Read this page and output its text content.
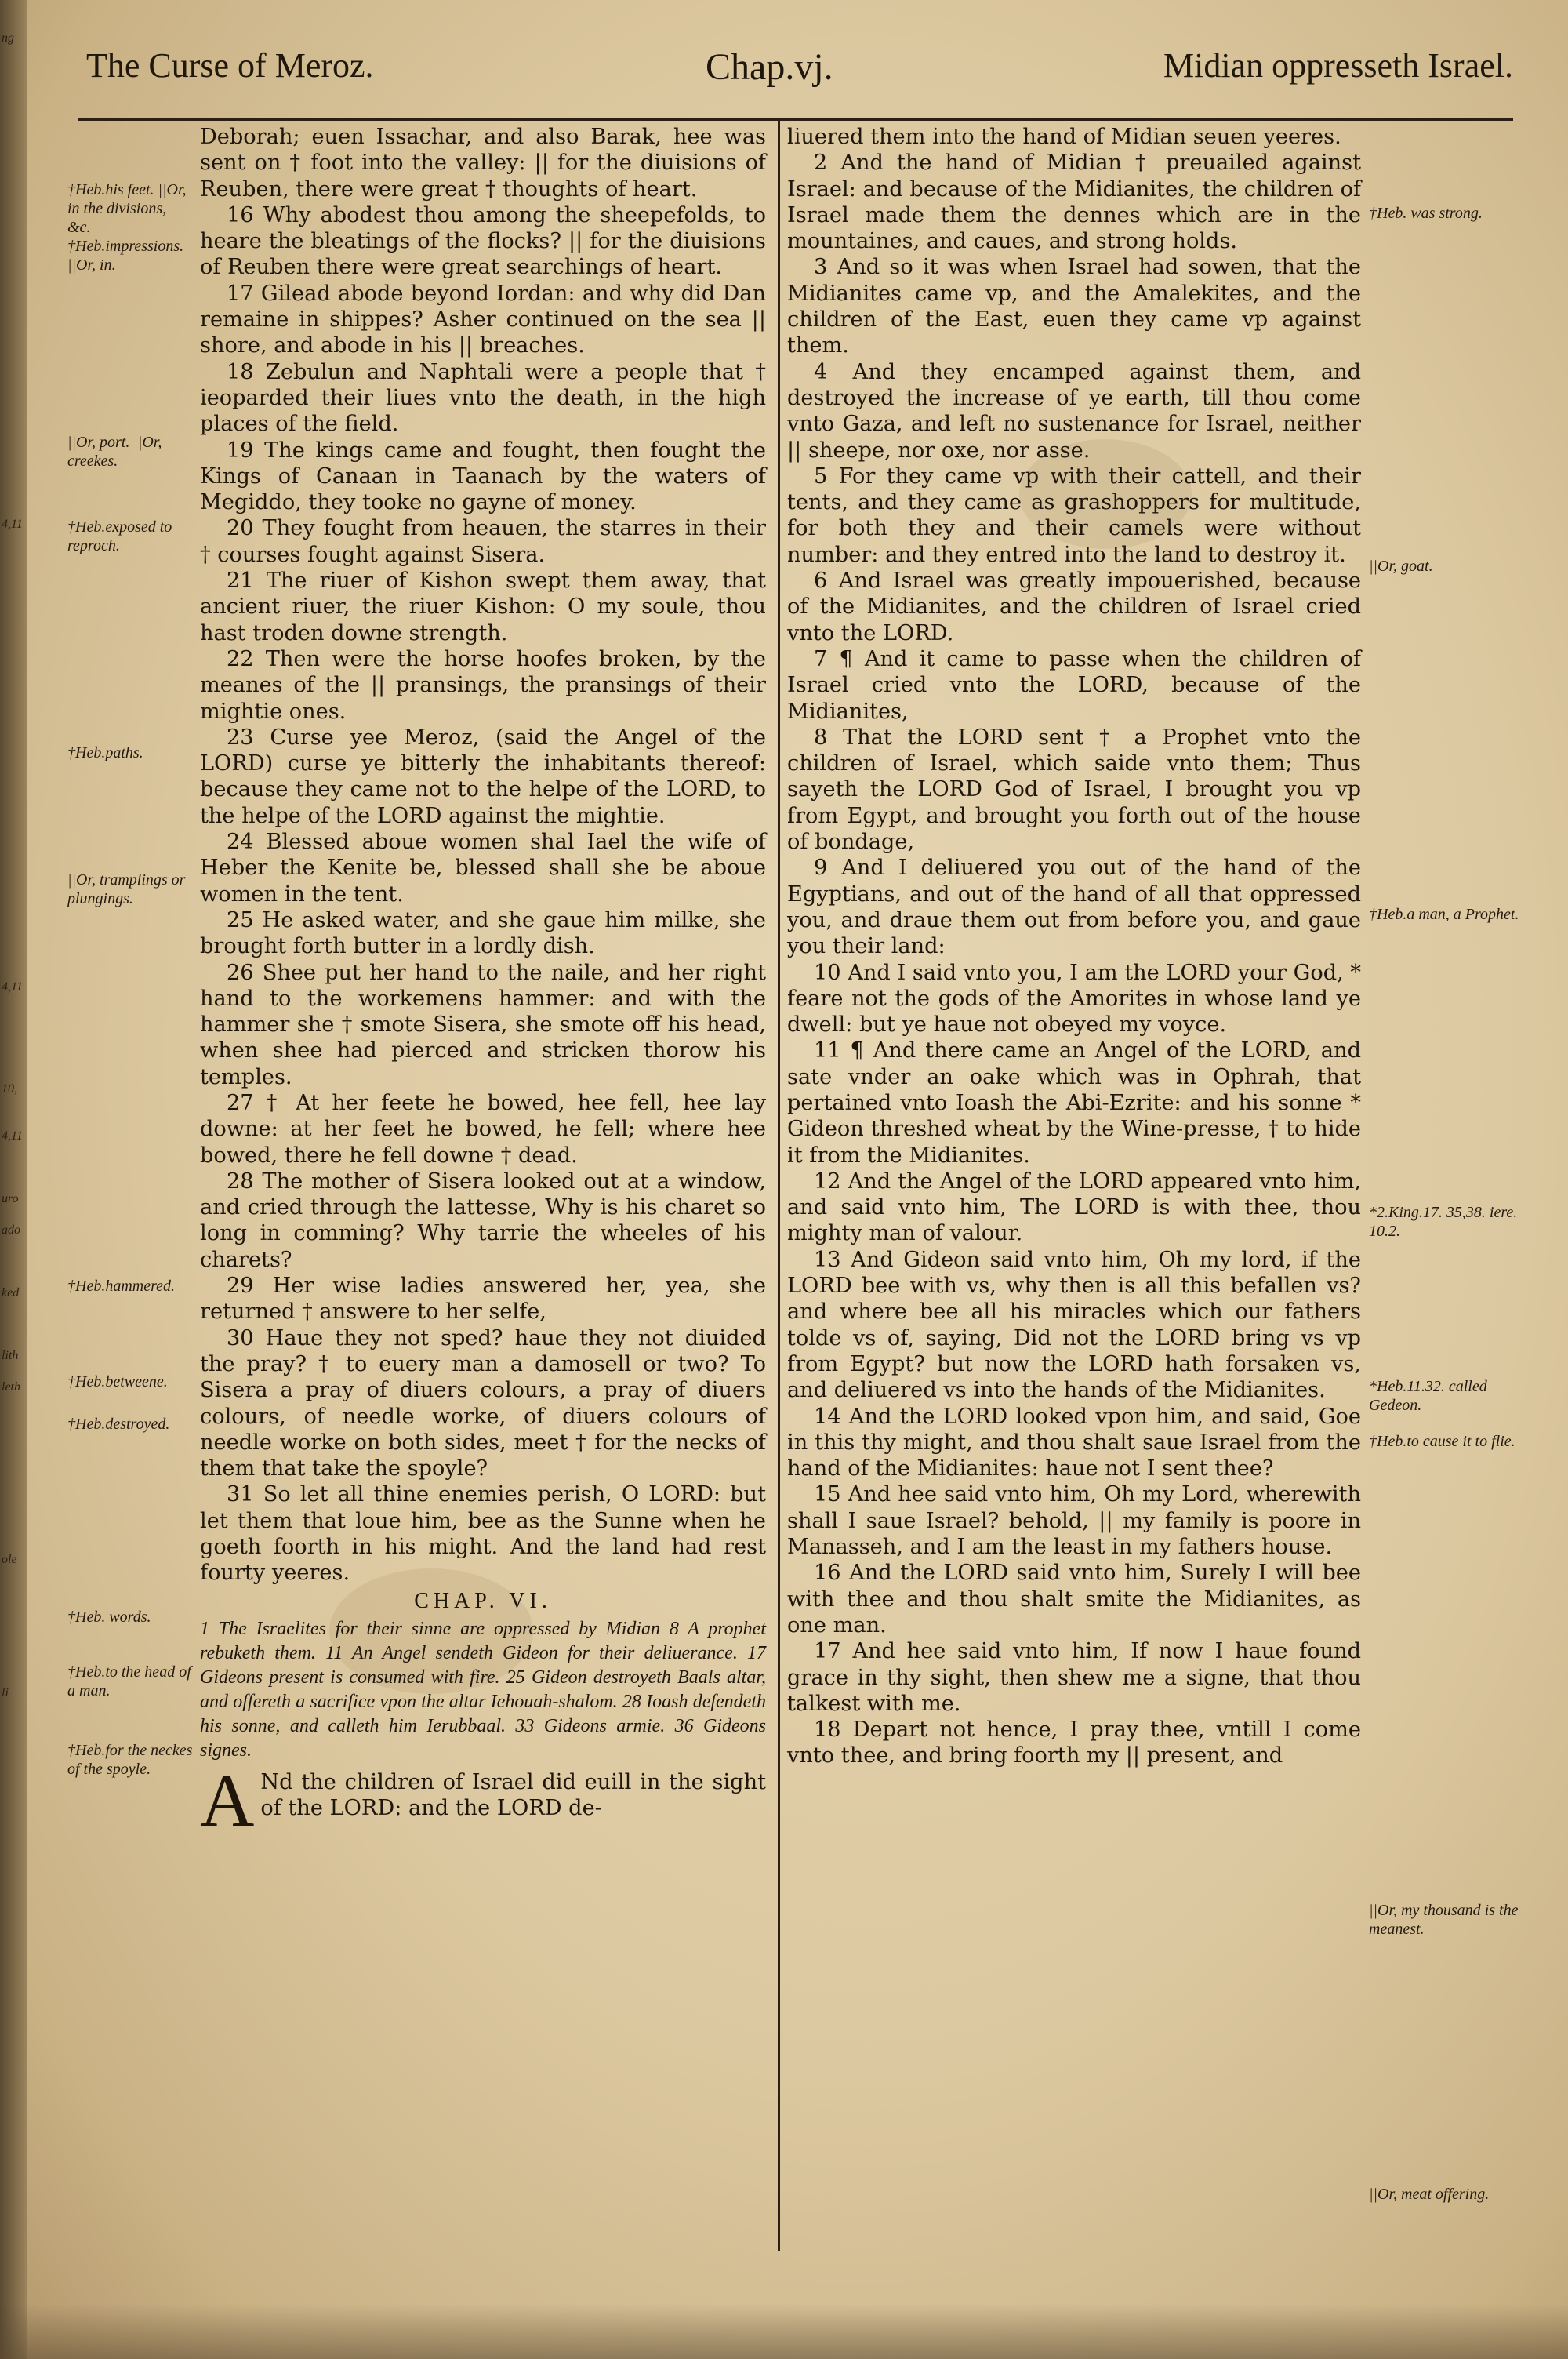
ng
4,11
4,11
10,
4,11
uro
ado
ked
lith
leth
ole
li
The Curse of Meroz.	Chap.vj.	Midian oppresseth Israel.
†Heb.his feet. ||Or, in the divisions, &c. †Heb.impressions. ||Or, in.
||Or, port. ||Or, creekes.
†Heb.exposed to reproch.
†Heb.paths.
||Or, tramplings or plungings.
†Heb.hammered.
†Heb.betweene.
†Heb.destroyed.
†Heb. words.
†Heb.to the head of a man.
†Heb.for the neckes of the spoyle.

Deborah; euen Issachar, and also Barak, hee was sent on † foot into the valley: || for the diuisions of Reuben, there were great † thoughts of heart.

16 Why abodest thou among the sheepefolds, to heare the bleatings of the flocks? || for the diuisions of Reuben there were great searchings of heart.

17 Gilead abode beyond Iordan: and why did Dan remaine in shippes? Asher continued on the sea || shore, and abode in his || breaches.

18 Zebulun and Naphtali were a people that † ieoparded their liues vnto the death, in the high places of the field.

19 The kings came and fought, then fought the Kings of Canaan in Taanach by the waters of Megiddo, they tooke no gayne of money.

20 They fought from heauen, the starres in their † courses fought against Sisera.

21 The riuer of Kishon swept them away, that ancient riuer, the riuer Kishon: O my soule, thou hast troden downe strength.

22 Then were the horse hoofes broken, by the meanes of the || pransings, the pransings of their mightie ones.

23 Curse yee Meroz, (said the Angel of the LORD) curse ye bitterly the inhabitants thereof: because they came not to the helpe of the LORD, to the helpe of the LORD against the mightie.

24 Blessed aboue women shal Iael the wife of Heber the Kenite be, blessed shall she be aboue women in the tent.

25 He asked water, and she gaue him milke, she brought forth butter in a lordly dish.

26 Shee put her hand to the naile, and her right hand to the workemens hammer: and with the hammer she † smote Sisera, she smote off his head, when shee had pierced and stricken thorow his temples.

27 † At her feete he bowed, hee fell, hee lay downe: at her feet he bowed, he fell; where hee bowed, there he fell downe † dead.

28 The mother of Sisera looked out at a window, and cried through the lattesse, Why is his charet so long in comming? Why tarrie the wheeles of his charets?

29 Her wise ladies answered her, yea, she returned † answere to her selfe,

30 Haue they not sped? haue they not diuided the pray? † to euery man a damosell or two? To Sisera a pray of diuers colours, a pray of diuers colours, of needle worke, of diuers colours of needle worke on both sides, meet † for the necks of them that take the spoyle?

31 So let all thine enemies perish, O LORD: but let them that loue him, bee as the Sunne when he goeth foorth in his might. And the land had rest fourty yeeres.

CHAP. VI.
1 The Israelites for their sinne are oppressed by Midian 8 A prophet rebuketh them. 11 An Angel sendeth Gideon for their deliuerance. 17 Gideons present is consumed with fire. 25 Gideon destroyeth Baals altar, and offereth a sacrifice vpon the altar Iehouah-shalom. 28 Ioash defendeth his sonne, and calleth him Ierubbaal. 33 Gideons armie. 36 Gideons signes.

A Nd the children of Israel did euill in the sight of the LORD: and the LORD de-

liuered them into the hand of Midian seuen yeeres.

2 And the hand of Midian † preuailed against Israel: and because of the Midianites, the children of Israel made them the dennes which are in the mountaines, and caues, and strong holds.

3 And so it was when Israel had sowen, that the Midianites came vp, and the Amalekites, and the children of the East, euen they came vp against them.

4 And they encamped against them, and destroyed the increase of ye earth, till thou come vnto Gaza, and left no sustenance for Israel, neither || sheepe, nor oxe, nor asse.

5 For they came vp with their cattell, and their tents, and they came as grashoppers for multitude, for both they and their camels were without number: and they entred into the land to destroy it.

6 And Israel was greatly impouerished, because of the Midianites, and the children of Israel cried vnto the LORD.

7 ¶ And it came to passe when the children of Israel cried vnto the LORD, because of the Midianites,

8 That the LORD sent † a Prophet vnto the children of Israel, which saide vnto them; Thus sayeth the LORD God of Israel, I brought you vp from Egypt, and brought you forth out of the house of bondage,

9 And I deliuered you out of the hand of the Egyptians, and out of the hand of all that oppressed you, and draue them out from before you, and gaue you their land:

10 And I said vnto you, I am the LORD your God, * feare not the gods of the Amorites in whose land ye dwell: but ye haue not obeyed my voyce.

11 ¶ And there came an Angel of the LORD, and sate vnder an oake which was in Ophrah, that pertained vnto Ioash the Abi-Ezrite: and his sonne * Gideon threshed wheat by the Wine-presse, † to hide it from the Midianites.

12 And the Angel of the LORD appeared vnto him, and said vnto him, The LORD is with thee, thou mighty man of valour.

13 And Gideon said vnto him, Oh my lord, if the LORD bee with vs, why then is all this befallen vs? and where bee all his miracles which our fathers tolde vs of, saying, Did not the LORD bring vs vp from Egypt? but now the LORD hath forsaken vs, and deliuered vs into the hands of the Midianites.

14 And the LORD looked vpon him, and said, Goe in this thy might, and thou shalt saue Israel from the hand of the Midianites: haue not I sent thee?

15 And hee said vnto him, Oh my Lord, wherewith shall I saue Israel? behold, || my family is poore in Manasseh, and I am the least in my fathers house.

16 And the LORD said vnto him, Surely I will bee with thee and thou shalt smite the Midianites, as one man.

17 And hee said vnto him, If now I haue found grace in thy sight, then shew me a signe, that thou talkest with me.

18 Depart not hence, I pray thee, vntill I come vnto thee, and bring foorth my || present, and

†Heb. was strong.
||Or, goat.
†Heb.a man, a Prophet.
*2.King.17. 35,38. iere. 10.2.
*Heb.11.32. called Gedeon.
†Heb.to cause it to flie.
||Or, my thousand is the meanest.
||Or, meat offering.
